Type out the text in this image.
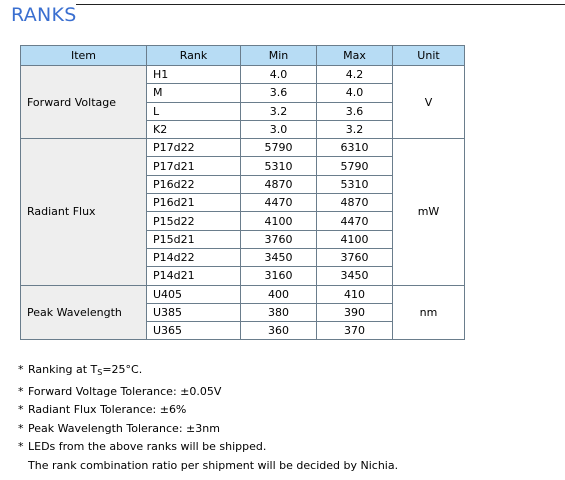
RANKS
Item	Rank	Min	Max	Unit
Forward Voltage	H1	4.0	4.2	V
	M	3.6	4.0	
	L	3.2	3.6	
	K2	3.0	3.2	
Radiant Flux	P17d22	5790	6310	mW
	P17d21	5310	5790	
	P16d22	4870	5310	
	P16d21	4470	4870	
	P15d22	4100	4470	
	P15d21	3760	4100	
	P14d22	3450	3760	
	P14d21	3160	3450	
Peak Wavelength	U405	400	410	nm
	U385	380	390	
	U365	360	370	
* Ranking at $T_S=25^\circ C$.
* Forward Voltage Tolerance: ±0.05V
* Radiant Flux Tolerance: ±6%
* Peak Wavelength Tolerance: ±3nm
* LEDs from the above ranks will be shipped.
The rank combination ratio per shipment will be decided by Nichia.
